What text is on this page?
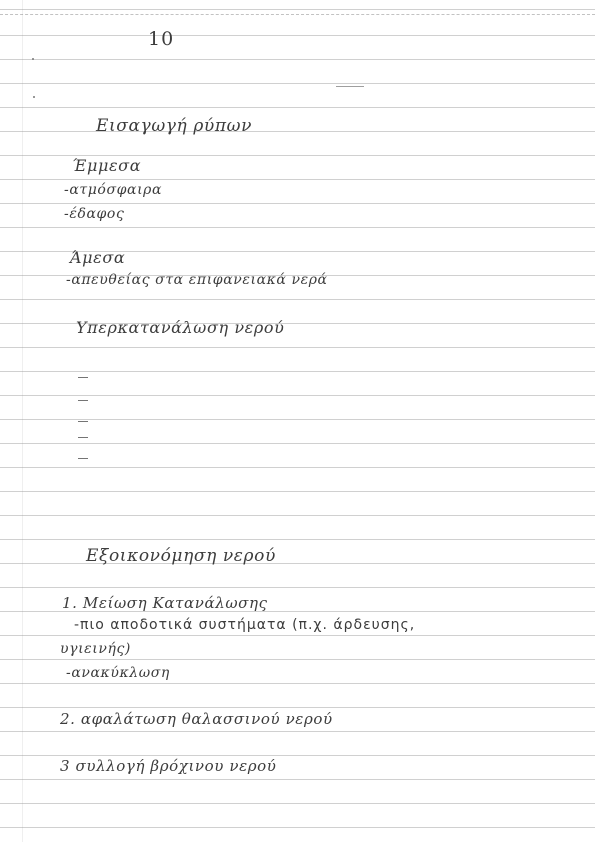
10
Εισαγωγή ρύπων
Έμμεσα
-ατμόσφαιρα
-έδαφος
Άμεσα
-απευθείας στα επιφανειακά νερά
Υπερκατανάλωση νερού
Εξοικονόμηση νερού
1. Μείωση Κατανάλωσης
-πιο αποδοτικά συστήματα (π.χ. άρδευσης,
υγιεινής)
-ανακύκλωση
2. αφαλάτωση θαλασσινού νερού
3 συλλογή βρόχινου νερού
